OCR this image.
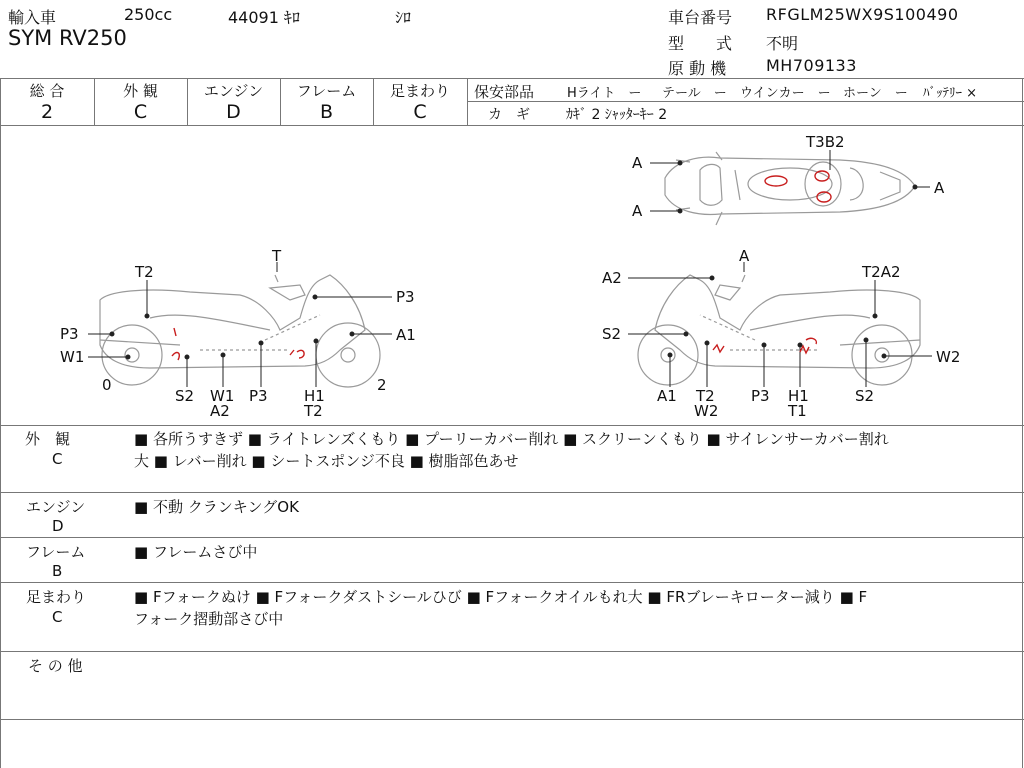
輸入車	250cc	44091 ｷﾛ	ｼﾛ
SYM RV250
車台番号 RFGLM25WX9S100490
型　　式 不明
原 動 機 MH709133
総 合	外 観	エンジン	フレーム	足まわり
2	C	D	B	C
保安部品	Hライト　ー テール　ー ウインカー　ー ホーン　ー ﾊﾞｯﾃﾘｰ ×
カ　ギ	ｶｷﾞ 2 ｼｬｯﾀｰｷｰ 2
A
A
T3B2
A
T
T2
P3
P3	A1
W1
0	2
S2 W1 P3 H1
A2	T2
A
A2	T2A2
S2
W2
A1 T2 P3 H1	S2
W2	T1
外　観
C
■ 各所うすきず ■ ライトレンズくもり ■ プーリーカバー削れ ■ スクリーンくもり ■ サイレンサーカバー割れ
大 ■ レバー削れ ■ シートスポンジ不良 ■ 樹脂部色あせ
エンジン
D
■ 不動 クランキングOK
フレーム
B
■ フレームさび中
足まわり
C
■ Fフォークぬけ ■ Fフォークダストシールひび ■ Fフォークオイルもれ大 ■ FRブレーキローター減り ■ F
フォーク摺動部さび中
そ の 他
